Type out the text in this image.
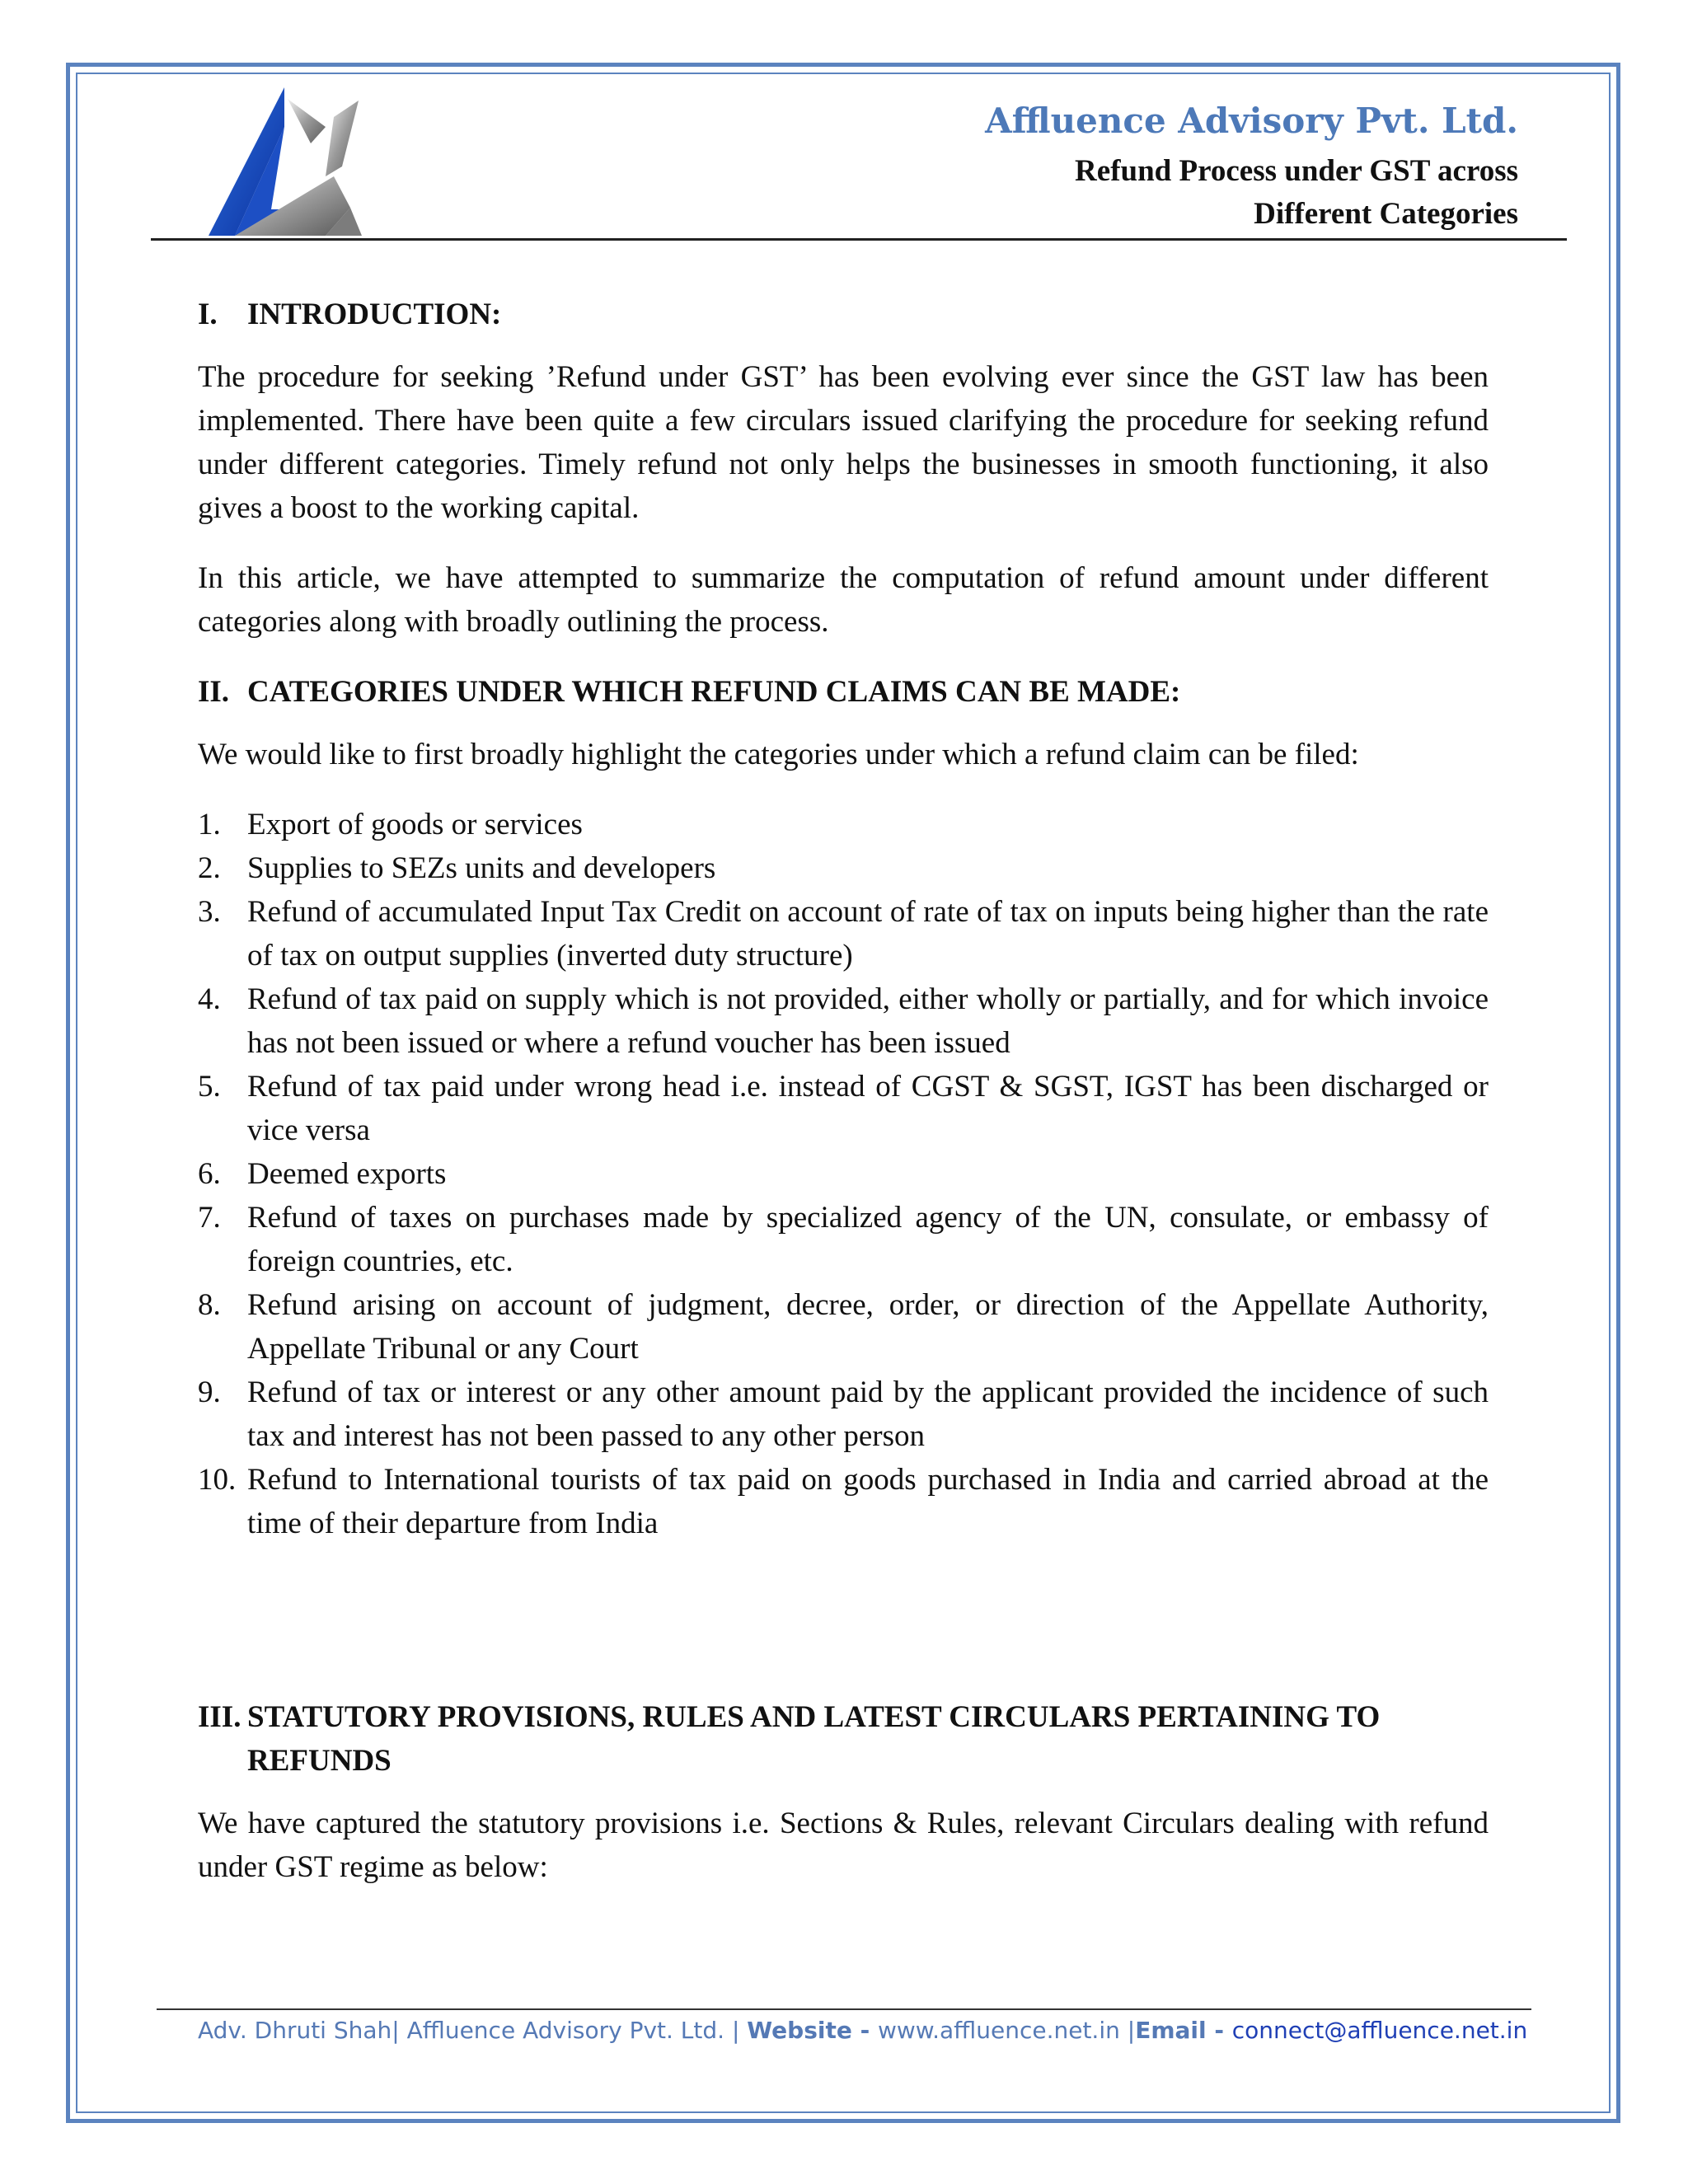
Affluence Advisory Pvt. Ltd.
Refund Process under GST across
Different Categories
I. INTRODUCTION:

The procedure for seeking ’Refund under GST’ has been evolving ever since the GST law has been implemented. There have been quite a few circulars issued clarifying the procedure for seeking refund under different categories. Timely refund not only helps the businesses in smooth functioning, it also gives a boost to the working capital.

In this article, we have attempted to summarize the computation of refund amount under different categories along with broadly outlining the process.

II. CATEGORIES UNDER WHICH REFUND CLAIMS CAN BE MADE:

We would like to first broadly highlight the categories under which a refund claim can be filed:

1. Export of goods or services
2. Supplies to SEZs units and developers
3. Refund of accumulated Input Tax Credit on account of rate of tax on inputs being higher than the rate of tax on output supplies (inverted duty structure)
4. Refund of tax paid on supply which is not provided, either wholly or partially, and for which invoice has not been issued or where a refund voucher has been issued
5. Refund of tax paid under wrong head i.e. instead of CGST & SGST, IGST has been discharged or vice versa
6. Deemed exports
7. Refund of taxes on purchases made by specialized agency of the UN, consulate, or embassy of foreign countries, etc.
8. Refund arising on account of judgment, decree, order, or direction of the Appellate Authority, Appellate Tribunal or any Court
9. Refund of tax or interest or any other amount paid by the applicant provided the incidence of such tax and interest has not been passed to any other person
10. Refund to International tourists of tax paid on goods purchased in India and carried abroad at the time of their departure from India
III. STATUTORY PROVISIONS, RULES AND LATEST CIRCULARS PERTAINING TO REFUNDS

We have captured the statutory provisions i.e. Sections & Rules, relevant Circulars dealing with refund under GST regime as below:

Adv. Dhruti Shah| Affluence Advisory Pvt. Ltd. | Website - www.affluence.net.in |Email - connect@affluence.net.in
